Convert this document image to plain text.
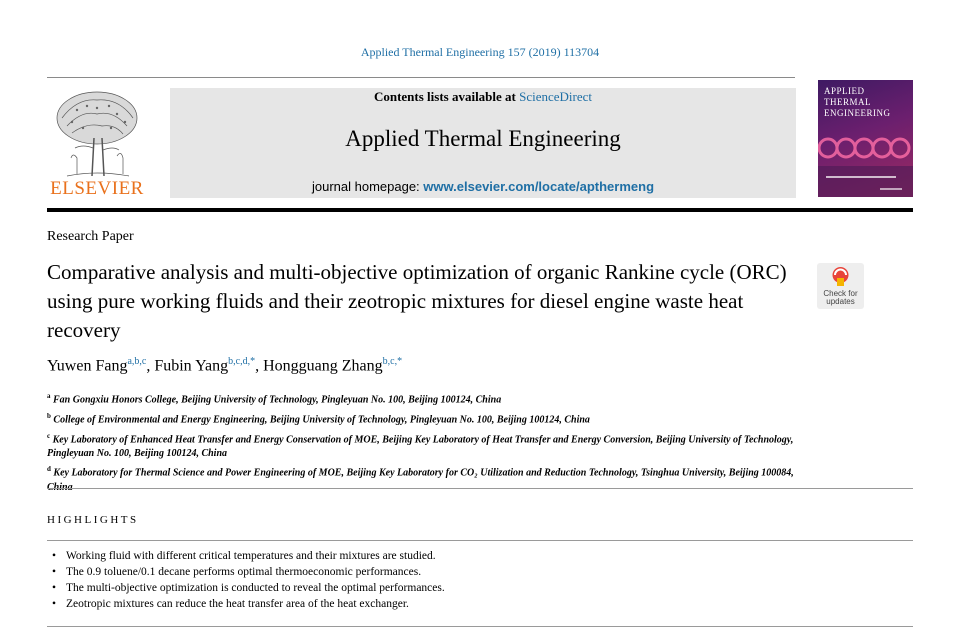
Applied Thermal Engineering 157 (2019) 113704
ELSEVIER
Contents lists available at ScienceDirect
Applied Thermal Engineering
journal homepage: www.elsevier.com/locate/apthermeng
APPLIED
THERMAL
ENGINEERING
Research Paper
Comparative analysis and multi-objective optimization of organic Rankine cycle (ORC) using pure working fluids and their zeotropic mixtures for diesel engine waste heat recovery
Check for
updates
Yuwen Fang$^{a,b,c}$, Fubin Yang$^{b,c,d,*}$, Hongguang Zhang$^{b,c,*}$
$^a$ Fan Gongxiu Honors College, Beijing University of Technology, Pingleyuan No. 100, Beijing 100124, China
$^b$ College of Environmental and Energy Engineering, Beijing University of Technology, Pingleyuan No. 100, Beijing 100124, China
$^c$ Key Laboratory of Enhanced Heat Transfer and Energy Conservation of MOE, Beijing Key Laboratory of Heat Transfer and Energy Conversion, Beijing University of Technology, Pingleyuan No. 100, Beijing 100124, China
$^d$ Key Laboratory for Thermal Science and Power Engineering of MOE, Beijing Key Laboratory for CO₂ Utilization and Reduction Technology, Tsinghua University, Beijing 100084,
HIGHLIGHTS
• Working fluid with different critical temperatures and their mixtures are studied.
• The 0.9 toluene/0.1 decane performs optimal thermoeconomic performances.
• The multi-objective optimization is conducted to reveal the optimal performances.
• Zeotropic mixtures can reduce the heat transfer area of the heat exchanger.
